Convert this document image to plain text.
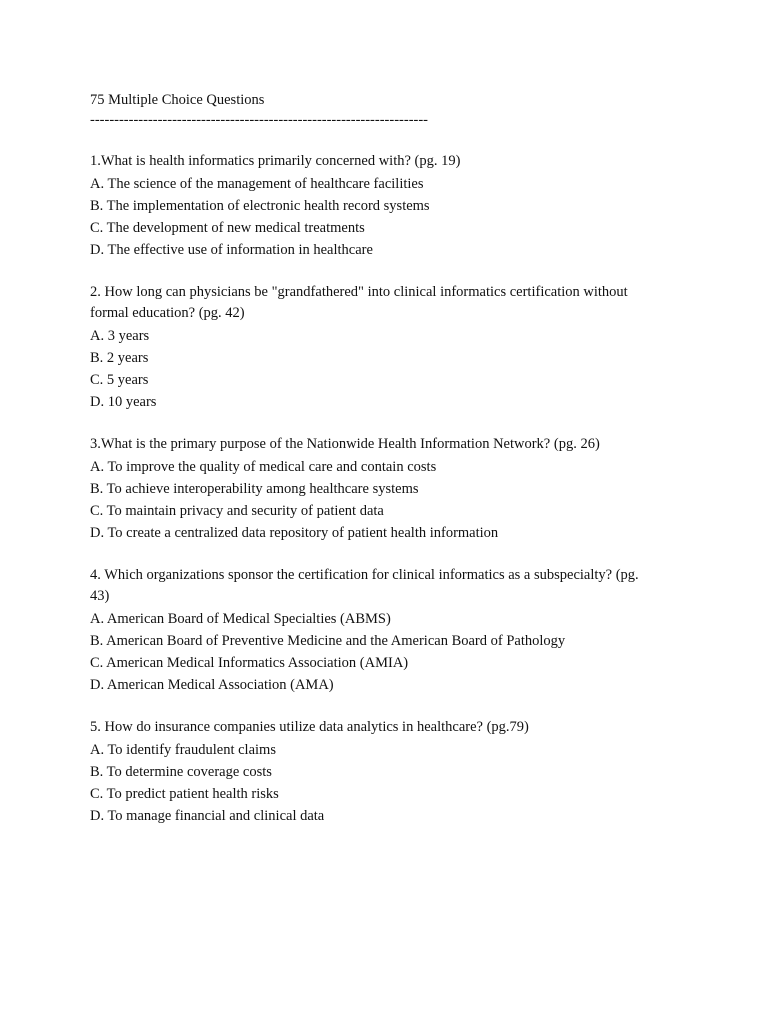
75 Multiple Choice Questions
----------------------------------------------------------------------
1.What is health informatics primarily concerned with? (pg. 19)
A. The science of the management of healthcare facilities
B. The implementation of electronic health record systems
C. The development of new medical treatments
D. The effective use of information in healthcare
2. How long can physicians be "grandfathered" into clinical informatics certification without formal education? (pg. 42)
A. 3 years
B. 2 years
C. 5 years
D. 10 years
3.What is the primary purpose of the Nationwide Health Information Network? (pg. 26)
A. To improve the quality of medical care and contain costs
B. To achieve interoperability among healthcare systems
C. To maintain privacy and security of patient data
D. To create a centralized data repository of patient health information
4. Which organizations sponsor the certification for clinical informatics as a subspecialty? (pg. 43)
A. American Board of Medical Specialties (ABMS)
B. American Board of Preventive Medicine and the American Board of Pathology
C. American Medical Informatics Association (AMIA)
D. American Medical Association (AMA)
5. How do insurance companies utilize data analytics in healthcare? (pg.79)
A. To identify fraudulent claims
B. To determine coverage costs
C. To predict patient health risks
D. To manage financial and clinical data
